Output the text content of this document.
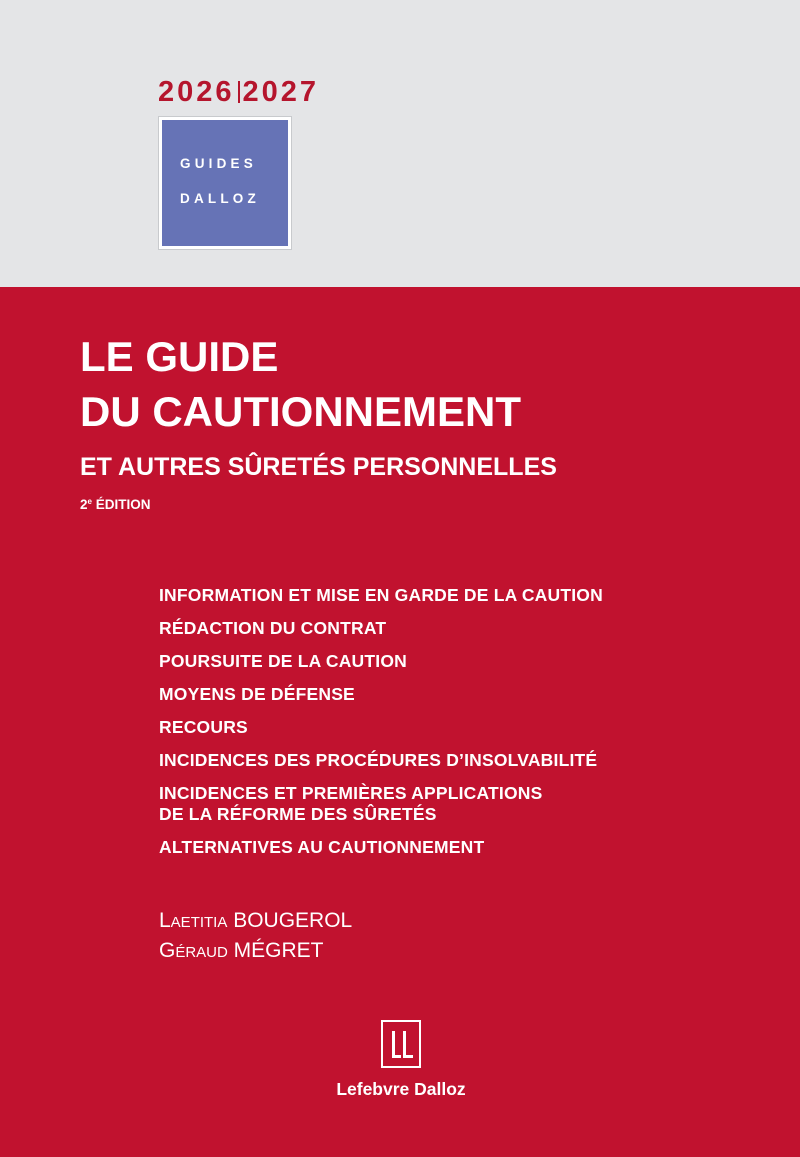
2026 2027
GUIDES
DALLOZ
LE GUIDE
DU CAUTIONNEMENT
ET AUTRES SÛRETÉS PERSONNELLES
2e ÉDITION
INFORMATION ET MISE EN GARDE DE LA CAUTION
RÉDACTION DU CONTRAT
POURSUITE DE LA CAUTION
MOYENS DE DÉFENSE
RECOURS
INCIDENCES DES PROCÉDURES D’INSOLVABILITÉ
INCIDENCES ET PREMIÈRES APPLICATIONS
DE LA RÉFORME DES SÛRETÉS
ALTERNATIVES AU CAUTIONNEMENT
Laetitia BOUGEROL
Géraud MÉGRET
Lefebvre Dalloz
